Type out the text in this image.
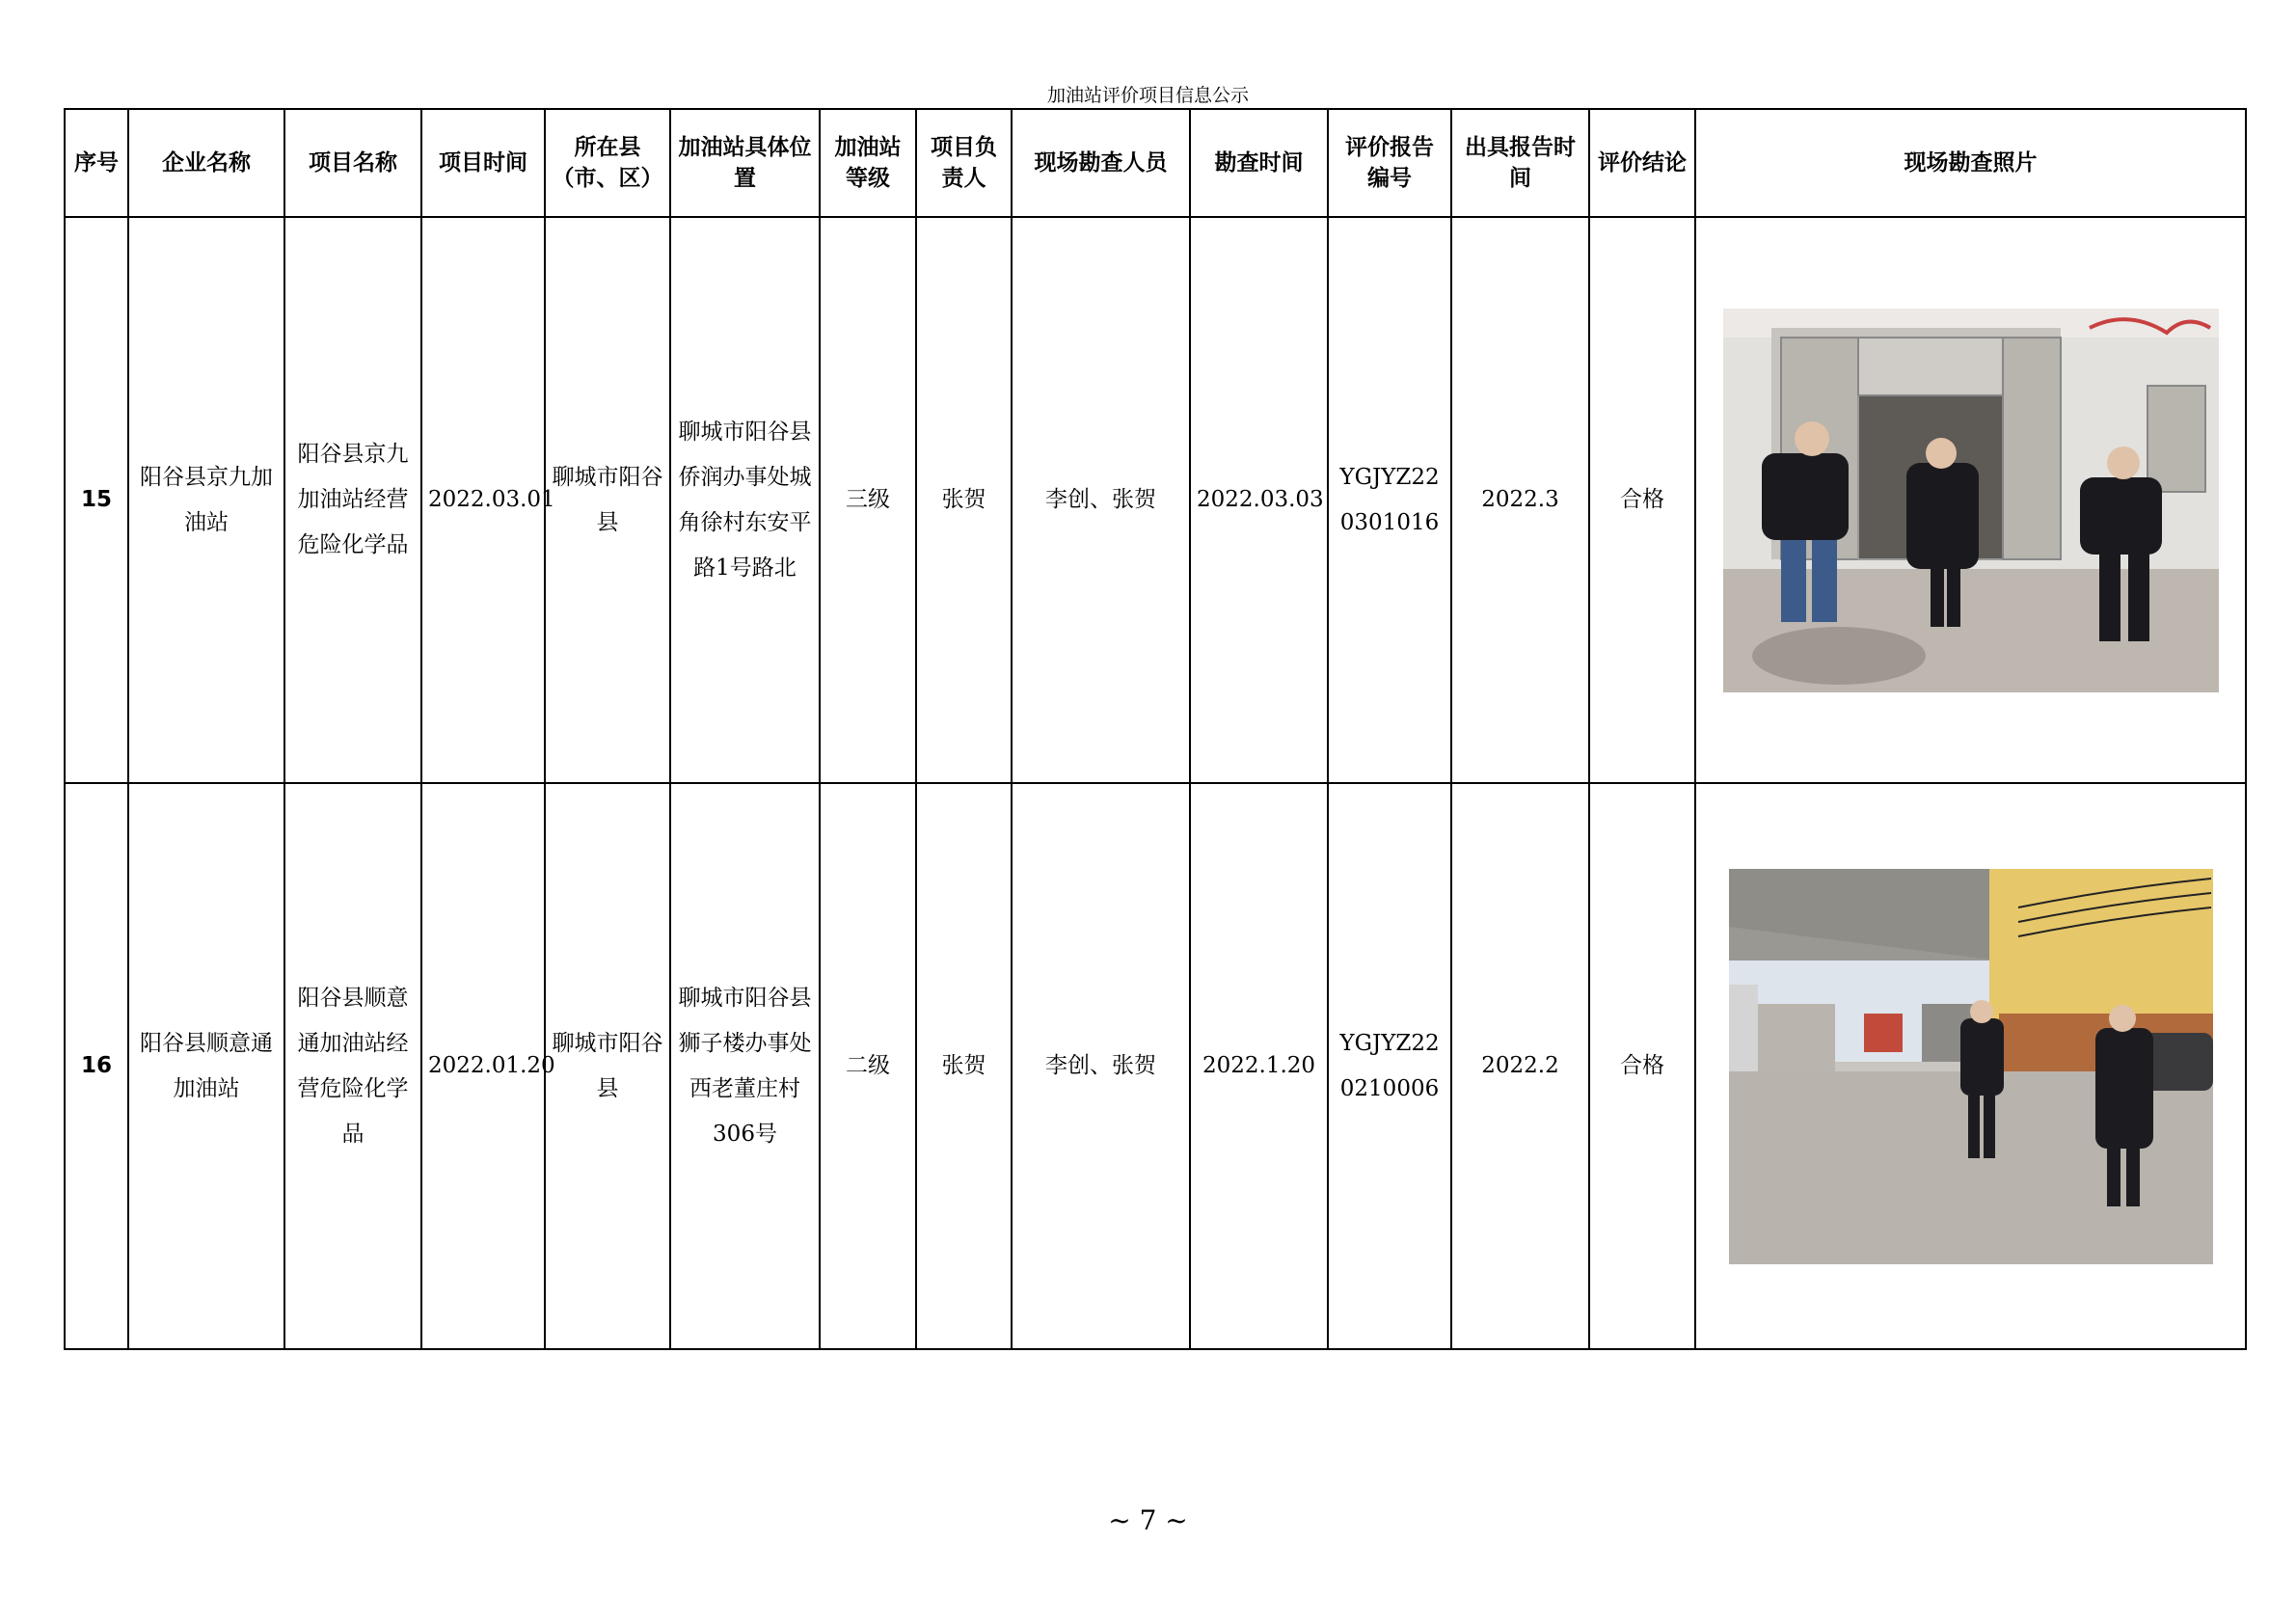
加油站评价项目信息公示
序号	企业名称	项目名称	项目时间	所在县（市、区）	加油站具体位置	加油站等级	项目负责人	现场勘查人员	勘查时间	评价报告编号	出具报告时间	评价结论	现场勘查照片
15	阳谷县京九加油站	阳谷县京九加油站经营危险化学品	2022.03.01	聊城市阳谷县	聊城市阳谷县侨润办事处城角徐村东安平路1号路北	三级	张贺	李创、张贺	2022.03.03	YGJYZ220301016	2022.3	合格	

16	阳谷县顺意通加油站	阳谷县顺意通加油站经营危险化学品	2022.01.20	聊城市阳谷县	聊城市阳谷县狮子楼办事处西老董庄村306号	二级	张贺	李创、张贺	2022.1.20	YGJYZ220210006	2022.2	合格	
~ 7 ~
